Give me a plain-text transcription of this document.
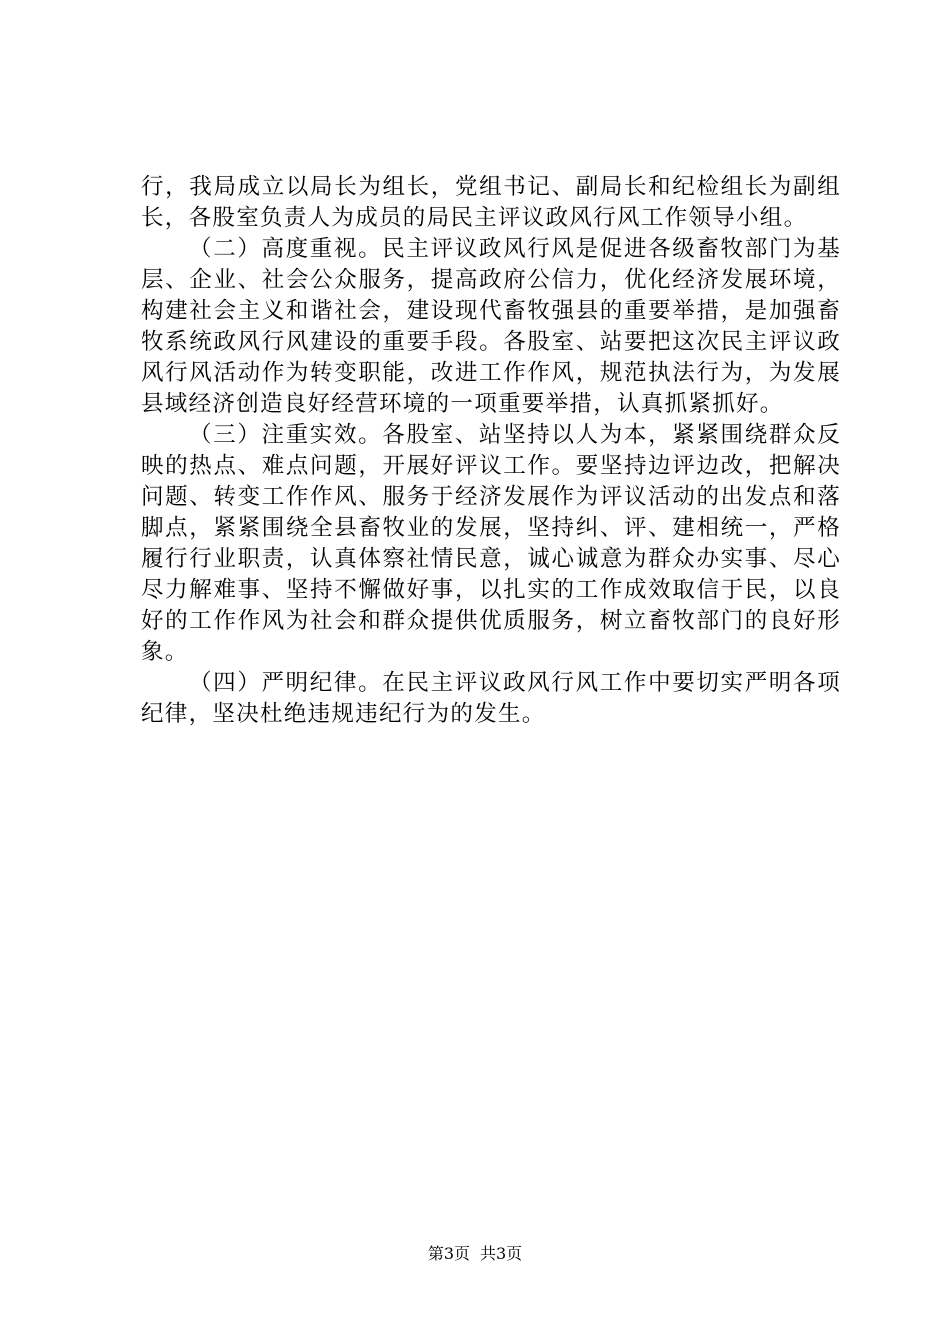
行，我局成立以局长为组长，党组书记、副局长和纪检组长为副组长，各股室负责人为成员的局民主评议政风行风工作领导小组。

（二）高度重视。民主评议政风行风是促进各级畜牧部门为基层、企业、社会公众服务，提高政府公信力，优化经济发展环境，构建社会主义和谐社会，建设现代畜牧强县的重要举措，是加强畜牧系统政风行风建设的重要手段。各股室、站要把这次民主评议政风行风活动作为转变职能，改进工作作风，规范执法行为，为发展县域经济创造良好经营环境的一项重要举措，认真抓紧抓好。

（三）注重实效。各股室、站坚持以人为本，紧紧围绕群众反映的热点、难点问题，开展好评议工作。要坚持边评边改，把解决问题、转变工作作风、服务于经济发展作为评议活动的出发点和落脚点，紧紧围绕全县畜牧业的发展，坚持纠、评、建相统一，严格履行行业职责，认真体察社情民意，诚心诚意为群众办实事、尽心尽力解难事、坚持不懈做好事，以扎实的工作成效取信于民，以良好的工作作风为社会和群众提供优质服务，树立畜牧部门的良好形象。

（四）严明纪律。在民主评议政风行风工作中要切实严明各项纪律，坚决杜绝违规违纪行为的发生。

第3页 共3页
